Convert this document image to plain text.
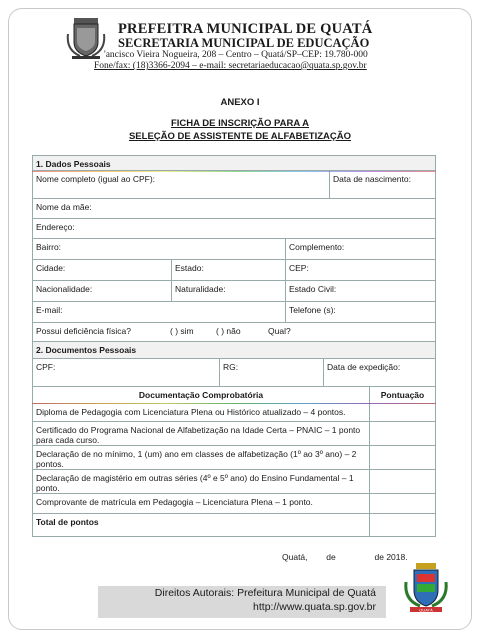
PREFEITRA MUNICIPAL DE QUATÁ
SECRETARIA MUNICIPAL DE EDUCAÇÃO
'ancisco Vieira Nogueira, 208 – Centro – Quatá/SP–CEP: 19.780-000
Fone/fax: (18)3366-2094 – e-mail: secretariaeducacao@quata.sp.gov.br
ANEXO I
FICHA DE INSCRIÇÃO PARA A
SELEÇÃO DE ASSISTENTE DE ALFABETIZAÇÃO
1. Dados Pessoais
Nome completo (igual ao CPF):	Data de nascimento:
Nome da mãe:
Endereço:
Bairro:	Complemento:
Cidade:	Estado:	CEP:
Nacionalidade:	Naturalidade:	Estado Civil:
E-mail:	Telefone (s):
Possui deficiência física?	( ) sim	( ) não	Qual?
2. Documentos Pessoais
CPF:	RG:	Data de expedição:
Documentação Comprobatória	Pontuação
Diploma de Pedagogia com Licenciatura Plena ou Histórico atualizado – 4 pontos.
Certificado do Programa Nacional de Alfabetização na Idade Certa – PNAIC – 1 ponto para cada curso.
Declaração de no mínimo, 1 (um) ano em classes de alfabetização (1º ao 3º ano) – 2 pontos.
Declaração de magistério em outras séries (4º e 5º ano) do Ensino Fundamental – 1 ponto.
Comprovante de matrícula em Pedagogia – Licenciatura Plena – 1 ponto.
Total de pontos
Quatá, de	de 2018.
Direitos Autorais: Prefeitura Municipal de Quatá
http://www.quata.sp.gov.br	QUATÁ
